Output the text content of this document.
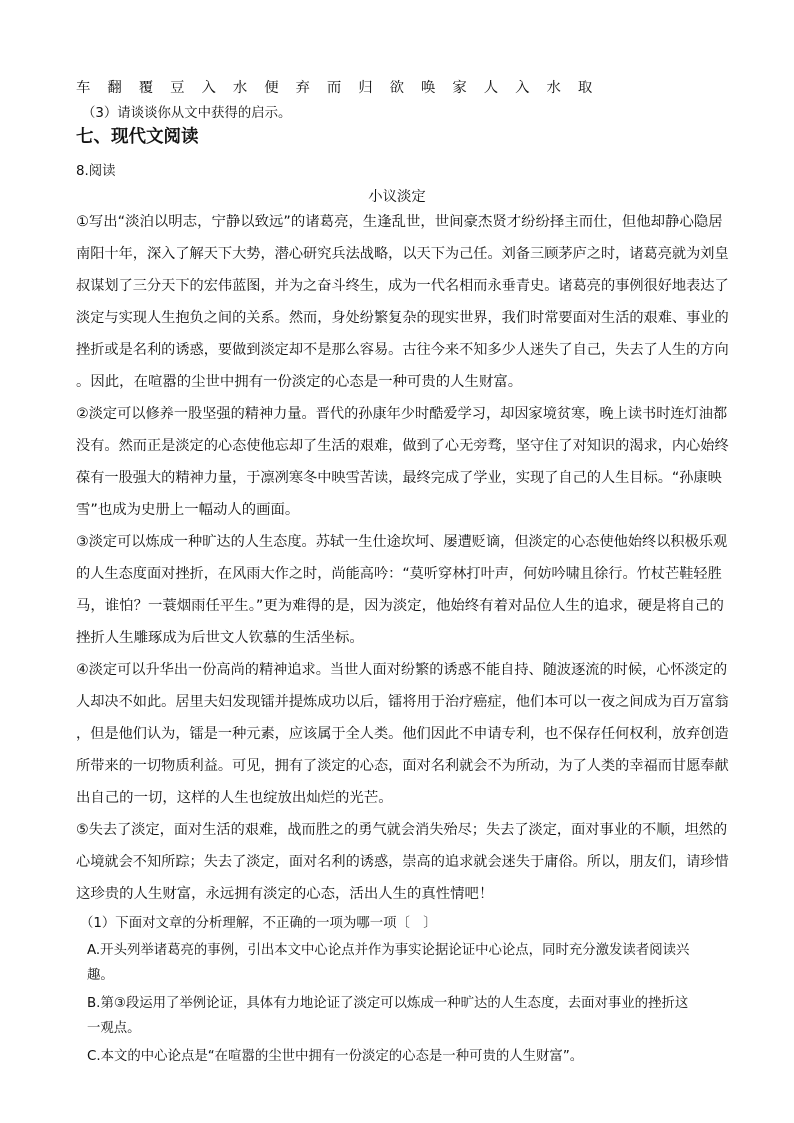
车 翻 覆 豆 入 水 便 弃 而 归 欲 唤 家 人 入 水 取
（3）请谈谈你从文中获得的启示。
七、现代文阅读
8.阅读
小议淡定
①写出“淡泊以明志，宁静以致远”的诸葛亮，生逢乱世，世间豪杰贤才纷纷择主而仕，但他却静心隐居
南阳十年，深入了解天下大势，潜心研究兵法战略，以天下为己任。刘备三顾茅庐之时，诸葛亮就为刘皇
叔谋划了三分天下的宏伟蓝图，并为之奋斗终生，成为一代名相而永垂青史。诸葛亮的事例很好地表达了
淡定与实现人生抱负之间的关系。然而，身处纷繁复杂的现实世界，我们时常要面对生活的艰难、事业的
挫折或是名利的诱惑，要做到淡定却不是那么容易。古往今来不知多少人迷失了自己，失去了人生的方向
。因此，在喧嚣的尘世中拥有一份淡定的心态是一种可贵的人生财富。
②淡定可以修养一股坚强的精神力量。晋代的孙康年少时酷爱学习，却因家境贫寒，晚上读书时连灯油都
没有。然而正是淡定的心态使他忘却了生活的艰难，做到了心无旁骛，坚守住了对知识的渴求，内心始终
葆有一股强大的精神力量，于凛冽寒冬中映雪苦读，最终完成了学业，实现了自己的人生目标。“孙康映
雪”也成为史册上一幅动人的画面。
③淡定可以炼成一种旷达的人生态度。苏轼一生仕途坎坷、屡遭贬谪，但淡定的心态使他始终以积极乐观
的人生态度面对挫折，在风雨大作之时，尚能高吟：“莫听穿林打叶声，何妨吟啸且徐行。竹杖芒鞋轻胜
马，谁怕？一蓑烟雨任平生。”更为难得的是，因为淡定，他始终有着对品位人生的追求，硬是将自己的
挫折人生雕琢成为后世文人钦慕的生活坐标。
④淡定可以升华出一份高尚的精神追求。当世人面对纷繁的诱惑不能自持、随波逐流的时候，心怀淡定的
人却决不如此。居里夫妇发现镭并提炼成功以后，镭将用于治疗癌症，他们本可以一夜之间成为百万富翁
，但是他们认为，镭是一种元素，应该属于全人类。他们因此不申请专利，也不保存任何权利，放弃创造
所带来的一切物质利益。可见，拥有了淡定的心态，面对名利就会不为所动，为了人类的幸福而甘愿奉献
出自己的一切，这样的人生也绽放出灿烂的光芒。
⑤失去了淡定，面对生活的艰难，战而胜之的勇气就会消失殆尽；失去了淡定，面对事业的不顺，坦然的
心境就会不知所踪；失去了淡定，面对名利的诱惑，崇高的追求就会迷失于庸俗。所以，朋友们，请珍惜
这珍贵的人生财富，永远拥有淡定的心态，活出人生的真性情吧！
（1）下面对文章的分析理解，不正确的一项为哪一项〔　〕
A.开头列举诸葛亮的事例，引出本文中心论点并作为事实论据论证中心论点，同时充分激发读者阅读兴
趣。
B.第③段运用了举例论证，具体有力地论证了淡定可以炼成一种旷达的人生态度，去面对事业的挫折这
一观点。
C.本文的中心论点是“在喧嚣的尘世中拥有一份淡定的心态是一种可贵的人生财富”。
